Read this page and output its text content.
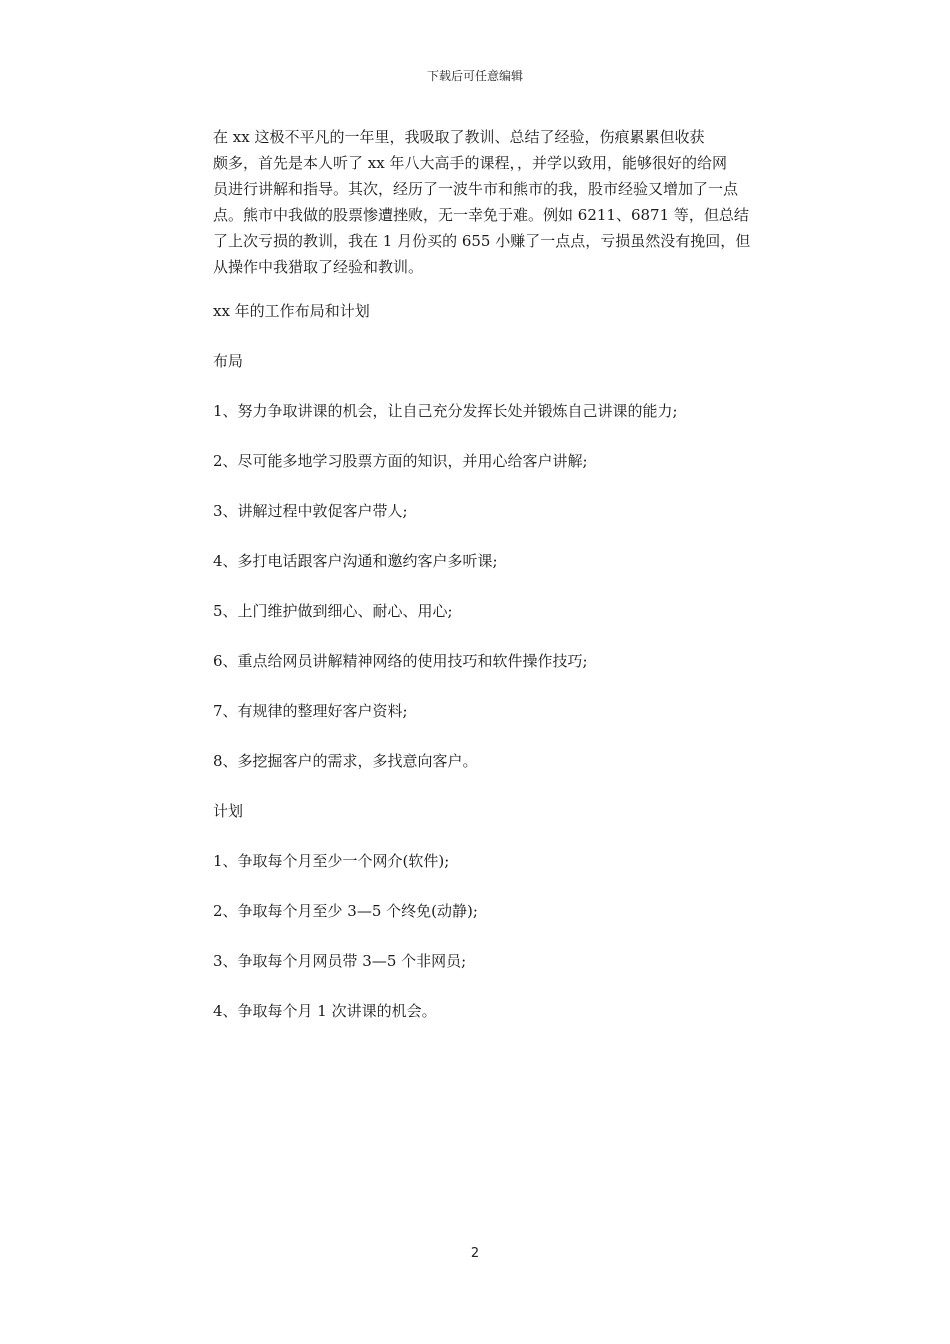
下载后可任意编辑
在 xx 这极不平凡的一年里，我吸取了教训、总结了经验，伤痕累累但收获
颇多，首先是本人听了 xx 年八大高手的课程，，并学以致用，能够很好的给网
员进行讲解和指导。其次，经历了一波牛市和熊市的我，股市经验又增加了一点
点。熊市中我做的股票惨遭挫败，无一幸免于难。例如 6211、6871 等，但总结
了上次亏损的教训，我在 1 月份买的 655 小赚了一点点，亏损虽然没有挽回，但
从操作中我猎取了经验和教训。
xx 年的工作布局和计划
布局
1、努力争取讲课的机会，让自己充分发挥长处并锻炼自己讲课的能力;
2、尽可能多地学习股票方面的知识，并用心给客户讲解;
3、讲解过程中敦促客户带人;
4、多打电话跟客户沟通和邀约客户多听课;
5、上门维护做到细心、耐心、用心;
6、重点给网员讲解精神网络的使用技巧和软件操作技巧;
7、有规律的整理好客户资料;
8、多挖掘客户的需求，多找意向客户。
计划
1、争取每个月至少一个网介(软件);
2、争取每个月至少 3—5 个终免(动静);
3、争取每个月网员带 3—5 个非网员;
4、争取每个月 1 次讲课的机会。
2
